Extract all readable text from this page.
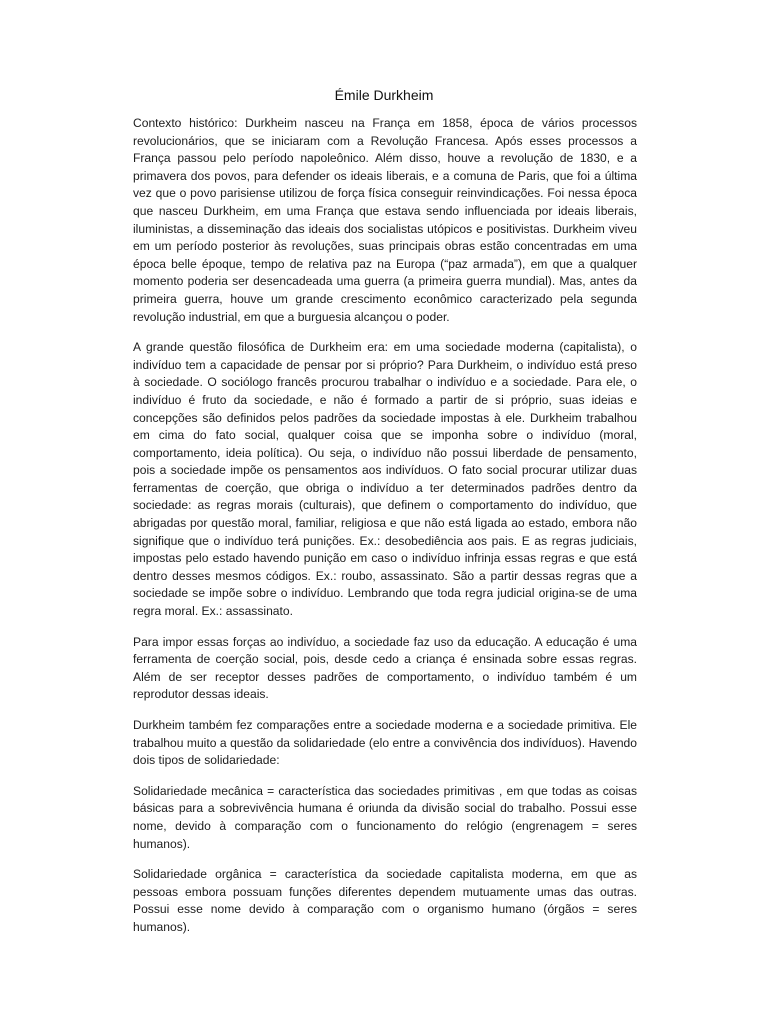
Émile Durkheim

Contexto histórico: Durkheim nasceu na França em 1858, época de vários processos revolucionários, que se iniciaram com a Revolução Francesa. Após esses processos a França passou pelo período napoleônico. Além disso, houve a revolução de 1830, e a primavera dos povos, para defender os ideais liberais, e a comuna de Paris, que foi a última vez que o povo parisiense utilizou de força física conseguir reinvindicações. Foi nessa época que nasceu Durkheim, em uma França que estava sendo influenciada por ideais liberais, iluministas, a disseminação das ideais dos socialistas utópicos e positivistas. Durkheim viveu em um período posterior às revoluções, suas principais obras estão concentradas em uma época belle époque, tempo de relativa paz na Europa (“paz armada”), em que a qualquer momento poderia ser desencadeada uma guerra (a primeira guerra mundial). Mas, antes da primeira guerra, houve um grande crescimento econômico caracterizado pela segunda revolução industrial, em que a burguesia alcançou o poder.

A grande questão filosófica de Durkheim era: em uma sociedade moderna (capitalista), o indivíduo tem a capacidade de pensar por si próprio? Para Durkheim, o indivíduo está preso à sociedade. O sociólogo francês procurou trabalhar o indivíduo e a sociedade. Para ele, o indivíduo é fruto da sociedade, e não é formado a partir de si próprio, suas ideias e concepções são definidos pelos padrões da sociedade impostas à ele. Durkheim trabalhou em cima do fato social, qualquer coisa que se imponha sobre o indivíduo (moral, comportamento, ideia política). Ou seja, o indivíduo não possui liberdade de pensamento, pois a sociedade impõe os pensamentos aos indivíduos. O fato social procurar utilizar duas ferramentas de coerção, que obriga o indivíduo a ter determinados padrões dentro da sociedade: as regras morais (culturais), que definem o comportamento do indivíduo, que abrigadas por questão moral, familiar, religiosa e que não está ligada ao estado, embora não signifique que o indivíduo terá punições. Ex.: desobediência aos pais. E as regras judiciais, impostas pelo estado havendo punição em caso o indivíduo infrinja essas regras e que está dentro desses mesmos códigos. Ex.: roubo, assassinato. São a partir dessas regras que a sociedade se impõe sobre o indivíduo. Lembrando que toda regra judicial origina-se de uma regra moral. Ex.: assassinato.

Para impor essas forças ao indivíduo, a sociedade faz uso da educação. A educação é uma ferramenta de coerção social, pois, desde cedo a criança é ensinada sobre essas regras. Além de ser receptor desses padrões de comportamento, o indivíduo também é um reprodutor dessas ideais.

Durkheim também fez comparações entre a sociedade moderna e a sociedade primitiva. Ele trabalhou muito a questão da solidariedade (elo entre a convivência dos indivíduos). Havendo dois tipos de solidariedade:

Solidariedade mecânica = característica das sociedades primitivas , em que todas as coisas básicas para a sobrevivência humana é oriunda da divisão social do trabalho. Possui esse nome, devido à comparação com o funcionamento do relógio (engrenagem = seres humanos).

Solidariedade orgânica = característica da sociedade capitalista moderna, em que as pessoas embora possuam funções diferentes dependem mutuamente umas das outras. Possui esse nome devido à comparação com o organismo humano (órgãos = seres humanos).
